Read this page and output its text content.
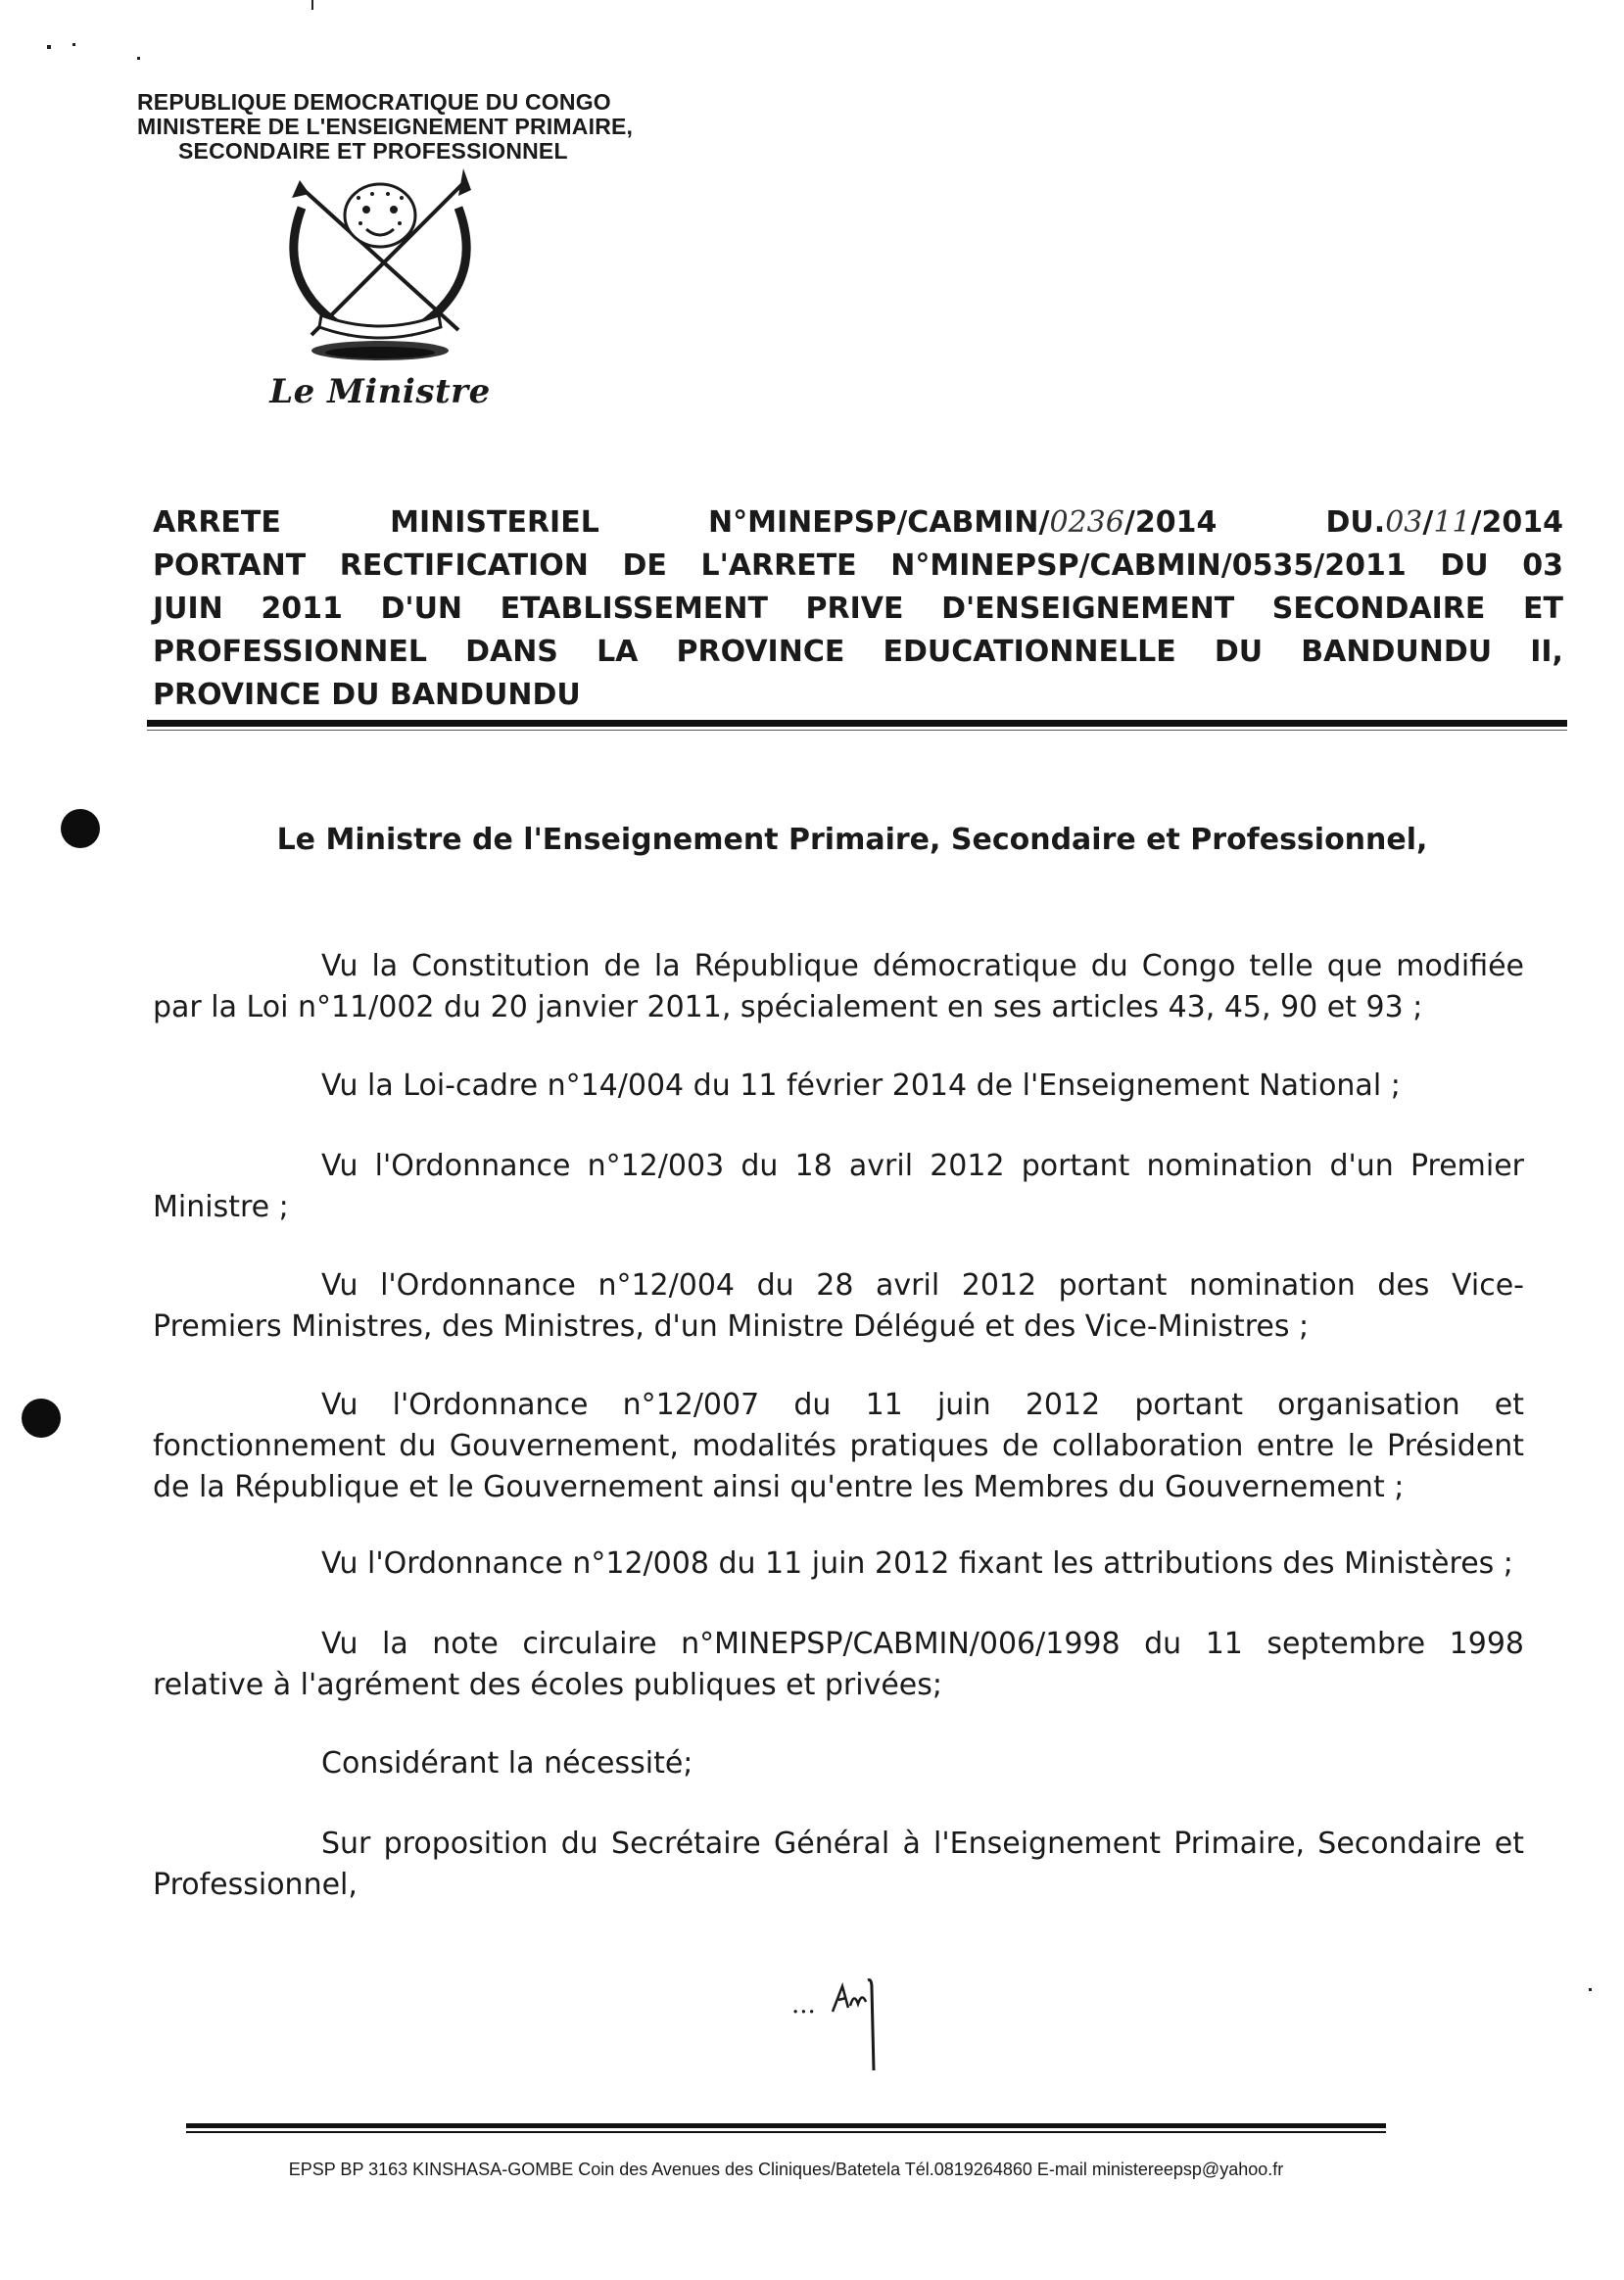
REPUBLIQUE DEMOCRATIQUE DU CONGO
MINISTERE DE L'ENSEIGNEMENT PRIMAIRE,
SECONDAIRE ET PROFESSIONNEL
Le Ministre
ARRETE	MINISTERIEL	N°MINEPSP/CABMIN/0236/2014	DU.03/11/2014
PORTANT RECTIFICATION DE L'ARRETE N°MINEPSP/CABMIN/0535/2011 DU 03
JUIN 2011 D'UN ETABLISSEMENT PRIVE D'ENSEIGNEMENT SECONDAIRE ET
PROFESSIONNEL DANS LA PROVINCE EDUCATIONNELLE DU BANDUNDU II,
PROVINCE DU BANDUNDU
Le Ministre de l'Enseignement Primaire, Secondaire et Professionnel,

Vu la Constitution de la République démocratique du Congo telle que modifiée par la Loi n°11/002 du 20 janvier 2011, spécialement en ses articles 43, 45, 90 et 93 ;

Vu la Loi-cadre n°14/004 du 11 février 2014 de l'Enseignement National ;

Vu l'Ordonnance n°12/003 du 18 avril 2012 portant nomination d'un Premier Ministre ;

Vu l'Ordonnance n°12/004 du 28 avril 2012 portant nomination des Vice-Premiers Ministres, des Ministres, d'un Ministre Délégué et des Vice-Ministres ;

Vu l'Ordonnance n°12/007 du 11 juin 2012 portant organisation et fonctionnement du Gouvernement, modalités pratiques de collaboration entre le Président de la République et le Gouvernement ainsi qu'entre les Membres du Gouvernement ;

Vu l'Ordonnance n°12/008 du 11 juin 2012 fixant les attributions des Ministères ;

Vu la note circulaire n°MINEPSP/CABMIN/006/1998 du 11 septembre 1998 relative à l'agrément des écoles publiques et privées;

Considérant la nécessité;

Sur proposition du Secrétaire Général à l'Enseignement Primaire, Secondaire et Professionnel,

...
EPSP BP 3163 KINSHASA-GOMBE Coin des Avenues des Cliniques/Batetela Tél.0819264860 E-mail ministereepsp@yahoo.fr
